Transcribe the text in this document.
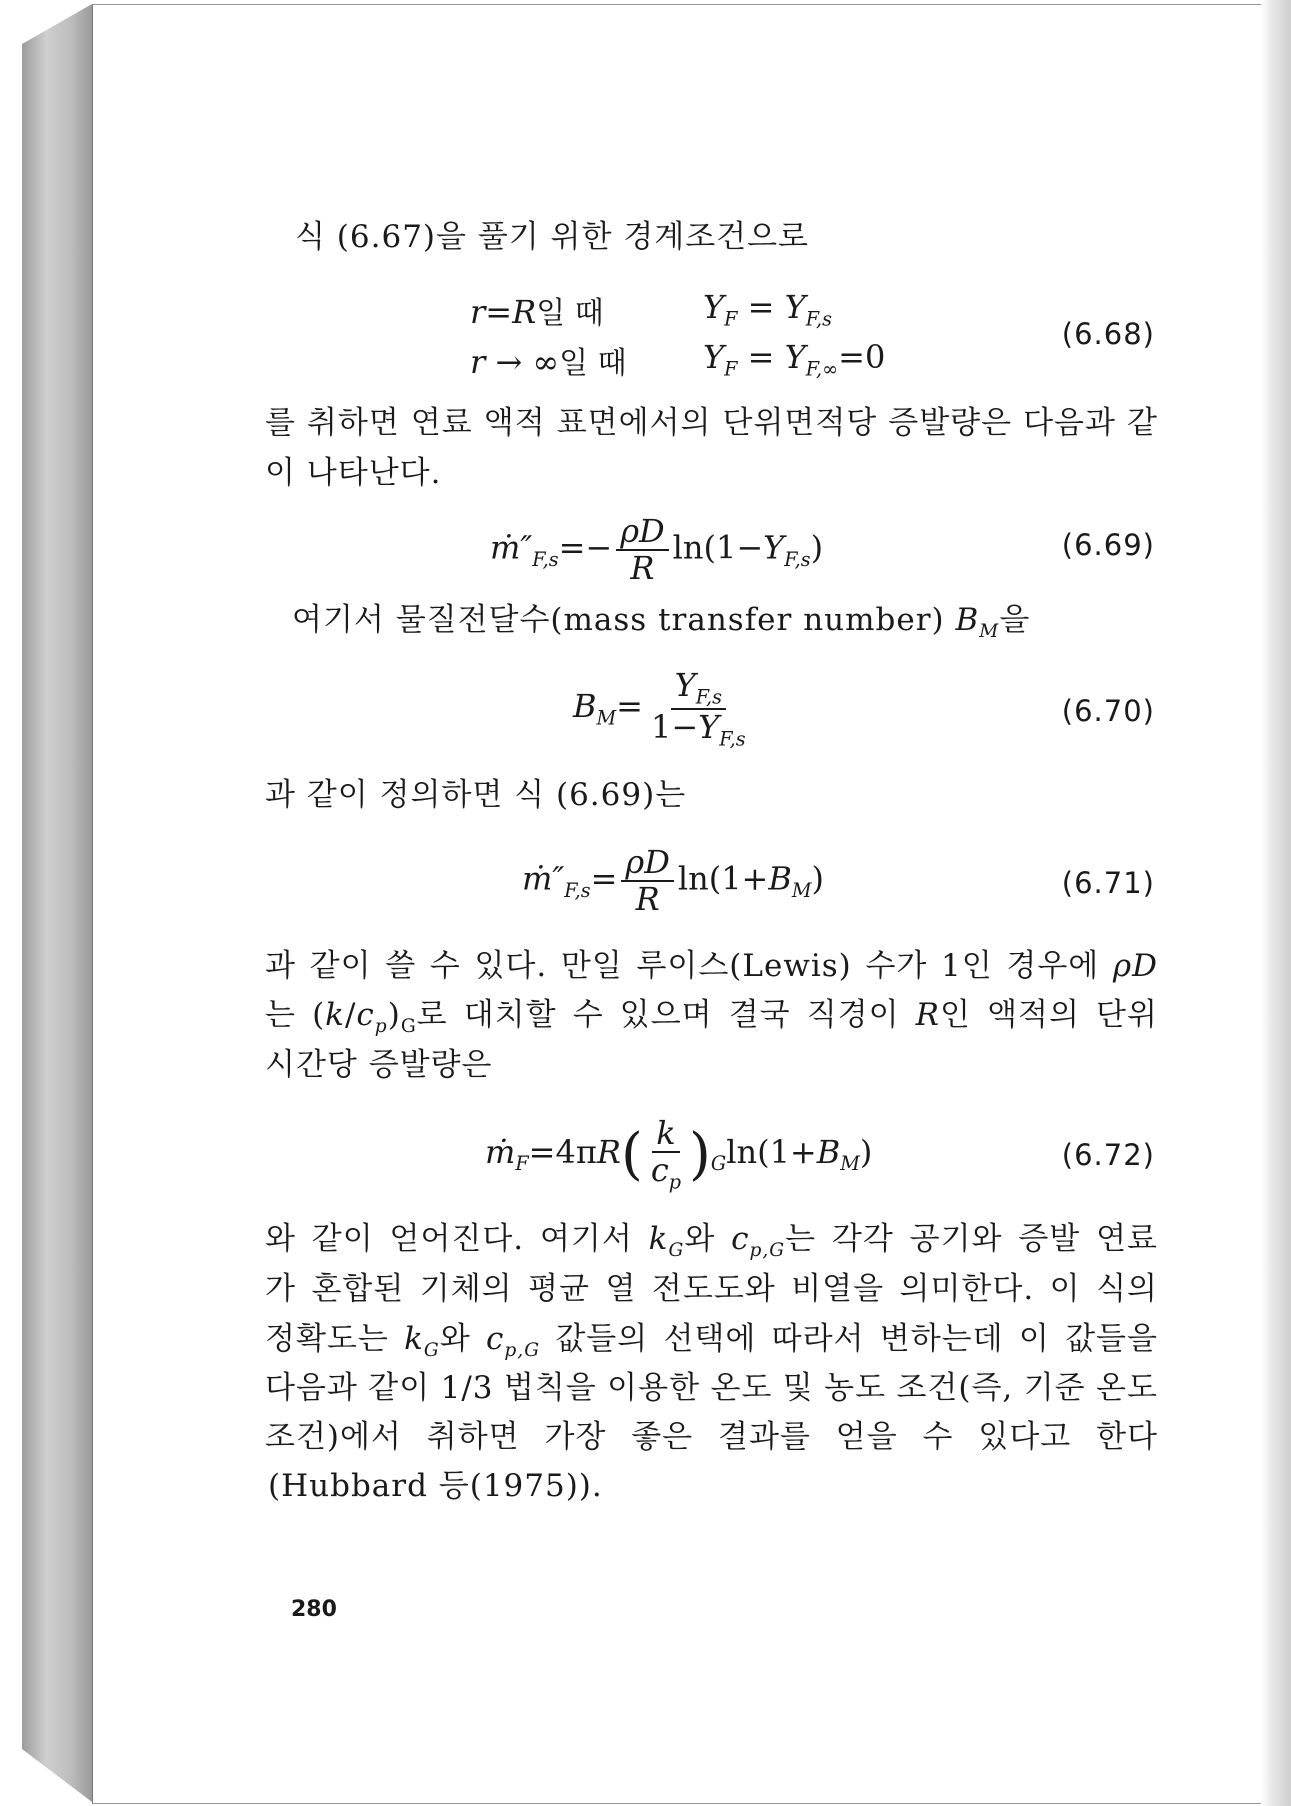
식 (6.67)을 풀기 위한 경계조건으로
r=R일 때	$Y_F = Y_{F,s}$
r → ∞일 때 $Y_F = Y_{F,\infty}=0$
(6.68)
를 취하면 연료 액적 표면에서의 단위면적당 증발량은 다음과 같
이 나타난다.
$ṁ''_{F,s}=- \frac{\rho D}{R} \ln(1-Y_{F,s})$	(6.69)
여기서 물질전달수(mass transfer number) $B_M$을
$B_M= \frac{Y_{F,s}}{1-Y_{F,s}}$	(6.70)
과 같이 정의하면 식 (6.69)는
$ṁ''_{F,s}= \frac{\rho D}{R} \ln(1+B_M)$	(6.71)
과 같이 쓸 수 있다. 만일 루이스(Lewis) 수가 1인 경우에 ρD
는 $(k/c_p)_G$로 대치할 수 있으며 결국 직경이 R인 액적의 단위
시간당 증발량은
ṁ$_F$=4πR( $\frac{k}{c_p} )_G\ln(1+B_M)$	(6.72)
와 같이 얻어진다. 여기서 $k_G$와 $c_{p,G}$는 각각 공기와 증발 연료
가 혼합된 기체의 평균 열 전도도와 비열을 의미한다. 이 식의
정확도는 $k_G$와 $c_{p,G}$ 값들의 선택에 따라서 변하는데 이 값들을
다음과 같이 1/3 법칙을 이용한 온도 및 농도 조건(즉, 기준 온도
조건)에서 취하면 가장 좋은 결과를 얻을 수 있다고 한다
(Hubbard 등(1975)).
280
